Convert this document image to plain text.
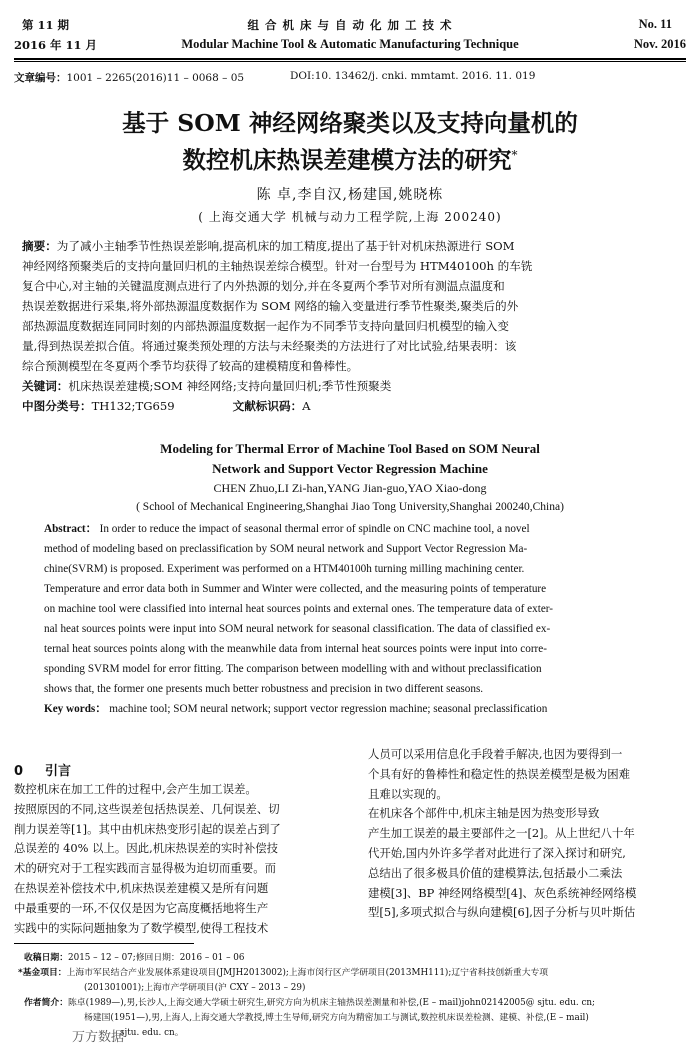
第 11 期
2016 年 11 月
组 合 机 床 与 自 动 化 加 工 技 术
Modular Machine Tool & Automatic Manufacturing Technique
No. 11
Nov. 2016
文章编号：1001 – 2265(2016)11 – 0068 – 05	DOI:10. 13462/j. cnki. mmtamt. 2016. 11. 019
基于 SOM 神经网络聚类以及支持向量机的
数控机床热误差建模方法的研究*
陈 卓,李自汉,杨建国,姚晓栋
( 上海交通大学 机械与动力工程学院,上海 200240)
摘要：为了减小主轴季节性热误差影响,提高机床的加工精度,提出了基于针对机床热源进行 SOM
神经网络预聚类后的支持向量回归机的主轴热误差综合模型。针对一台型号为 HTM40100h 的车铣
复合中心,对主轴的关键温度测点进行了内外热源的划分,并在冬夏两个季节对所有测温点温度和
热误差数据进行采集,将外部热源温度数据作为 SOM 网络的输入变量进行季节性聚类,聚类后的外
部热源温度数据连同同时刻的内部热源温度数据一起作为不同季节支持向量回归机模型的输入变
量,得到热误差拟合值。将通过聚类预处理的方法与未经聚类的方法进行了对比试验,结果表明：该
综合预测模型在冬夏两个季节均获得了较高的建模精度和鲁棒性。
关键词：机床热误差建模;SOM 神经网络;支持向量回归机;季节性预聚类
中图分类号：TH132;TG659	文献标识码：A
Modeling for Thermal Error of Machine Tool Based on SOM Neural
Network and Support Vector Regression Machine
CHEN Zhuo,LI Zi-han,YANG Jian-guo,YAO Xiao-dong
( School of Mechanical Engineering,Shanghai Jiao Tong University,Shanghai 200240,China)
Abstract： In order to reduce the impact of seasonal thermal error of spindle on CNC machine tool, a novel
method of modeling based on preclassification by SOM neural network and Support Vector Regression Ma-
chine(SVRM) is proposed. Experiment was performed on a HTM40100h turning milling machining center.
Temperature and error data both in Summer and Winter were collected, and the measuring points of temperature
on machine tool were classified into internal heat sources points and external ones. The temperature data of exter-
nal heat sources points were input into SOM neural network for seasonal classification. The data of classified ex-
ternal heat sources points along with the meanwhile data from internal heat sources points were input into corre-
sponding SVRM model for error fitting. The comparison between modelling with and without preclassification
shows that, the former one presents much better robustness and precision in two different seasons.
Key words： machine tool; SOM neural network; support vector regression machine; seasonal preclassification
0 引言
数控机床在加工工件的过程中,会产生加工误差。
按照原因的不同,这些误差包括热误差、几何误差、切
削力误差等[1]。其中由机床热变形引起的误差占到了
总误差的 40% 以上。因此,机床热误差的实时补偿技
术的研究对于工程实践而言显得极为迫切而重要。而
在热误差补偿技术中,机床热误差建模又是所有问题
中最重要的一环,不仅仅是因为它高度概括地将生产
实践中的实际问题抽象为了数学模型,使得工程技术
人员可以采用信息化手段着手解决,也因为要得到一
个具有好的鲁棒性和稳定性的热误差模型是极为困难
且难以实现的。
在机床各个部件中,机床主轴是因为热变形导致
产生加工误差的最主要部件之一[2]。从上世纪八十年
代开始,国内外许多学者对此进行了深入探讨和研究,
总结出了很多极具价值的建模算法,包括最小二乘法
建模[3]、BP 神经网络模型[4]、灰色系统神经网络模
型[5],多项式拟合与纵向建模[6],因子分析与贝叶斯估
收稿日期：2015 – 12 – 07;修回日期：2016 – 01 – 06
*基金项目：上海市军民结合产业发展体系建设项目(JMJH2013002);上海市闵行区产学研项目(2013MH111);辽宁省科技创新重大专项
(201301001);上海市产学研项目(沪 CXY – 2013 – 29)
作者简介：陈卓(1989—),男,长沙人,上海交通大学硕士研究生,研究方向为机床主轴热误差测量和补偿,(E – mail)john02142005@ sjtu. edu. cn;
杨建国(1951—),男,上海人,上海交通大学教授,博士生导师,研究方向为精密加工与测试,数控机床误差检测、建模、补偿,(E – mail)
sjtu. edu. cn。
万方数据
